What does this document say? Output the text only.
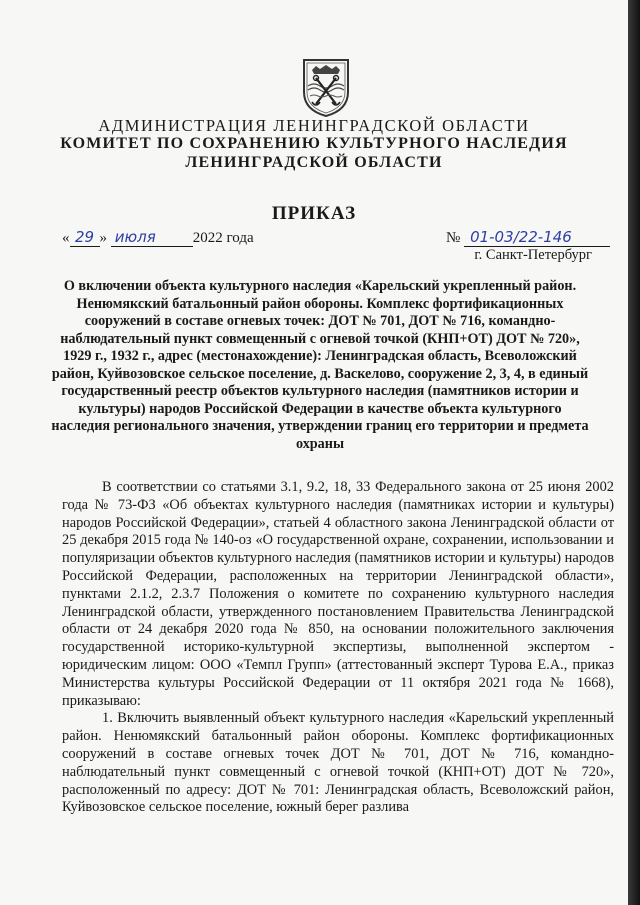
АДМИНИСТРАЦИЯ ЛЕНИНГРАДСКОЙ ОБЛАСТИ
КОМИТЕТ ПО СОХРАНЕНИЮ КУЛЬТУРНОГО НАСЛЕДИЯ
ЛЕНИНГРАДСКОЙ ОБЛАСТИ
ПРИКАЗ
« 29 » июля 2022 года	№ 01-03/22-146
г. Санкт-Петербург
О включении объекта культурного наследия «Карельский укрепленный район. Ненюмякский батальонный район обороны. Комплекс фортификационных сооружений в составе огневых точек: ДОТ № 701, ДОТ № 716, командно-наблюдательный пункт совмещенный с огневой точкой (КНП+ОТ) ДОТ № 720», 1929 г., 1932 г., адрес (местонахождение): Ленинградская область, Всеволожский район, Куйвозовское сельское поселение, д. Васкелово, сооружение 2, 3, 4, в единый государственный реестр объектов культурного наследия (памятников истории и культуры) народов Российской Федерации в качестве объекта культурного наследия регионального значения, утверждении границ его территории и предмета охраны

В соответствии со статьями 3.1, 9.2, 18, 33 Федерального закона от 25 июня 2002 года № 73-ФЗ «Об объектах культурного наследия (памятниках истории и культуры) народов Российской Федерации», статьей 4 областного закона Ленинградской области от 25 декабря 2015 года № 140-оз «О государственной охране, сохранении, использовании и популяризации объектов культурного наследия (памятников истории и культуры) народов Российской Федерации, расположенных на территории Ленинградской области», пунктами 2.1.2, 2.3.7 Положения о комитете по сохранению культурного наследия Ленинградской области, утвержденного постановлением Правительства Ленинградской области от 24 декабря 2020 года № 850, на основании положительного заключения государственной историко-культурной экспертизы, выполненной экспертом - юридическим лицом: ООО «Темпл Групп» (аттестованный эксперт Турова Е.А., приказ Министерства культуры Российской Федерации от 11 октября 2021 года № 1668), приказываю:

1. Включить выявленный объект культурного наследия «Карельский укрепленный район. Ненюмякский батальонный район обороны. Комплекс фортификационных сооружений в составе огневых точек ДОТ № 701, ДОТ № 716, командно-наблюдательный пункт совмещенный с огневой точкой (КНП+ОТ) ДОТ № 720», расположенный по адресу: ДОТ № 701: Ленинградская область, Всеволожский район, Куйвозовское сельское поселение, южный берег разлива
